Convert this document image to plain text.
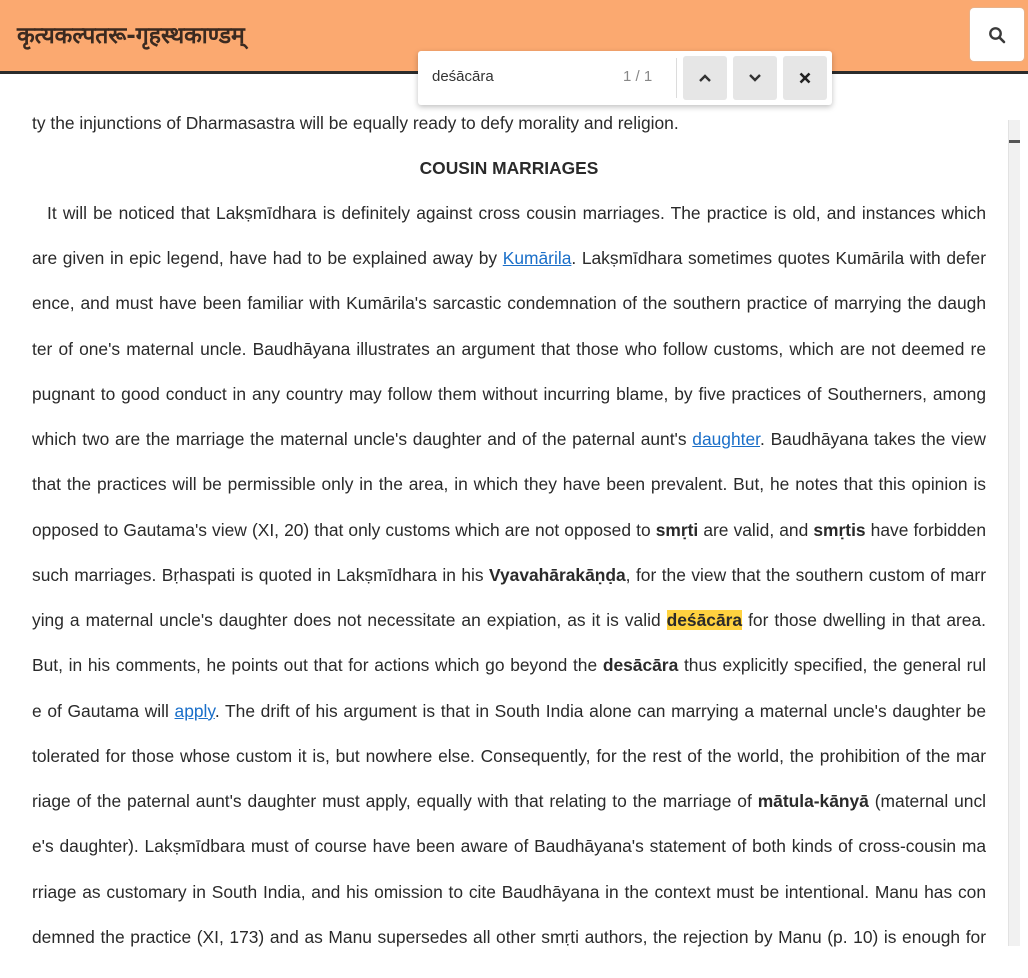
कृत्यकल्पतरू-गृहस्थकाण्डम्
deśācāra	1 / 1
ty the injunctions of Dharmasastra will be equally ready to defy morality and religion.
COUSIN MARRIAGES
It will be noticed that Lakṣmīdhara is definitely against cross cousin marriages. The practice is old, and instances which
are given in epic legend, have had to be explained away by Kumārila. Lakṣmīdhara sometimes quotes Kumārila with defer
ence, and must have been familiar with Kumārila's sarcastic condemnation of the southern practice of marrying the daugh
ter of one's maternal uncle. Baudhāyana illustrates an argument that those who follow customs, which are not deemed re
pugnant to good conduct in any country may follow them without incurring blame, by five practices of Southerners, among
which two are the marriage the maternal uncle's daughter and of the paternal aunt's daughter. Baudhāyana takes the view
that the practices will be permissible only in the area, in which they have been prevalent. But, he notes that this opinion is
opposed to Gautama's view (XI, 20) that only customs which are not opposed to smṛti are valid, and smṛtis have forbidden
such marriages. Bṛhaspati is quoted in Lakṣmīdhara in his Vyavahārakāṇḍa, for the view that the southern custom of marr
ying a maternal uncle's daughter does not necessitate an expiation, as it is valid deśācāra for those dwelling in that area.
But, in his comments, he points out that for actions which go beyond the desācāra thus explicitly specified, the general rul
e of Gautama will apply. The drift of his argument is that in South India alone can marrying a maternal uncle's daughter be
tolerated for those whose custom it is, but nowhere else. Consequently, for the rest of the world, the prohibition of the mar
riage of the paternal aunt's daughter must apply, equally with that relating to the marriage of mātula-kānyā (maternal uncl
e's daughter). Lakṣmīdbara must of course have been aware of Baudhāyana's statement of both kinds of cross-cousin ma
rriage as customary in South India, and his omission to cite Baudhāyana in the context must be intentional. Manu has con
demned the practice (XI, 173) and as Manu supersedes all other smṛti authors, the rejection by Manu (p. 10) is enough for
